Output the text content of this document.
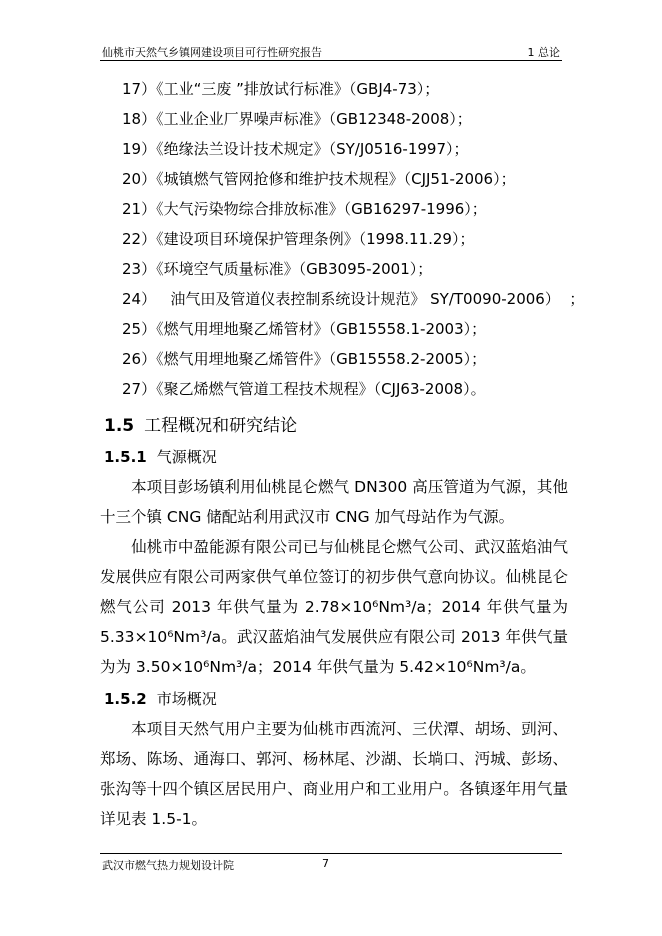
仙桃市天然气乡镇网建设项目可行性研究报告	1 总论
17）《工业“三废 ”排放试行标准》（GBJ4-73）；
18）《工业企业厂界噪声标准》（GB12348-2008）；
19）《绝缘法兰设计技术规定》（SY/J0516-1997）；
20）《城镇燃气管网抢修和维护技术规程》（CJJ51-2006）；
21）《大气污染物综合排放标准》（GB16297-1996）；
22）《建设项目环境保护管理条例》（1998.11.29）；
23）《环境空气质量标准》（GB3095-2001）；
24）   油气田及管道仪表控制系统设计规范》 SY/T0090-2006）  ；
25）《燃气用埋地聚乙烯管材》（GB15558.1-2003）；
26）《燃气用埋地聚乙烯管件》（GB15558.2-2005）；
27）《聚乙烯燃气管道工程技术规程》（CJJ63-2008）。
1.5 工程概况和研究结论
1.5.1 气源概况
本项目彭场镇利用仙桃昆仑燃气 DN300 高压管道为气源，其他十三个镇 CNG 储配站利用武汉市 CNG 加气母站作为气源。
仙桃市中盈能源有限公司已与仙桃昆仑燃气公司、武汉蓝焰油气发展供应有限公司两家供气单位签订的初步供气意向协议。仙桃昆仑燃气公司 2013 年供气量为 2.78×10⁶Nm³/a；2014 年供气量为 5.33×10⁶Nm³/a。武汉蓝焰油气发展供应有限公司 2013 年供气量为为 3.50×10⁶Nm³/a；2014 年供气量为 5.42×10⁶Nm³/a。
1.5.2 市场概况
本项目天然气用户主要为仙桃市西流河、三伏潭、胡场、剅河、郑场、陈场、通海口、郭河、杨林尾、沙湖、长埫口、沔城、彭场、张沟等十四个镇区居民用户、商业用户和工业用户。各镇逐年用气量详见表 1.5-1。
武汉市燃气热力规划设计院	7
